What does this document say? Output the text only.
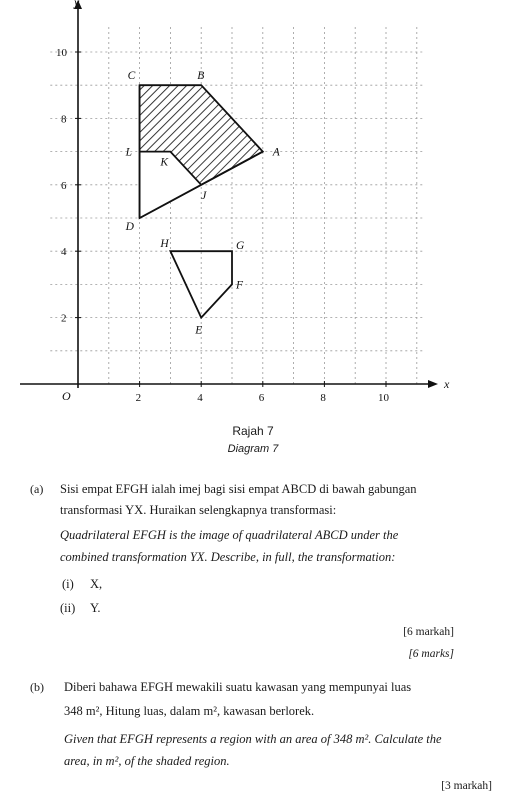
x
y
O	2	4	6	8	10
2
4
6
8
10
A
B
C
D
E
F
G
H
J
K
L
Rajah 7
Diagram 7
(a) Sisi empat EFGH ialah imej bagi sisi empat ABCD di bawah gabungan
transformasi YX. Huraikan selengkapnya transformasi:
Quadrilateral EFGH is the image of quadrilateral ABCD under the
combined transformation YX. Describe, in full, the transformation:
(i) X,
(ii) Y.
[6 markah]
[6 marks]
(b) Diberi bahawa EFGH mewakili suatu kawasan yang mempunyai luas
348 m², Hitung luas, dalam m², kawasan berlorek.
Given that EFGH represents a region with an area of 348 m². Calculate the
area, in m², of the shaded region.
[3 markah]
